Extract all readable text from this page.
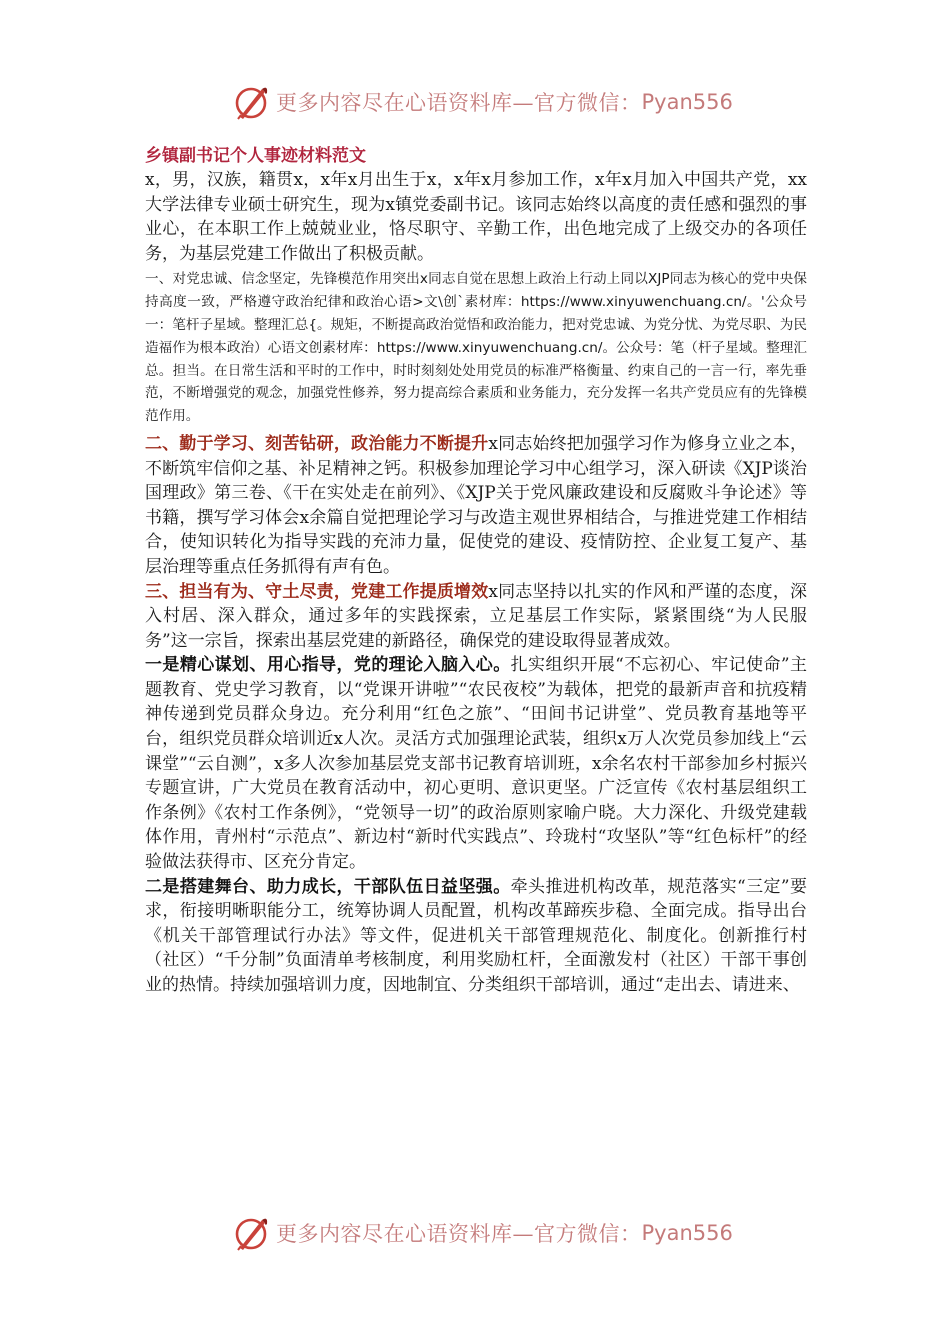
更多内容尽在心语资料库—官方微信： Pyan556

乡镇副书记个人事迹材料范文

x，男，汉族，籍贯x，x年x月出生于x，x年x月参加工作，x年x月加入中国共产党，xx大学法律专业硕士研究生，现为x镇党委副书记。该同志始终以高度的责任感和强烈的事业心，在本职工作上兢兢业业，恪尽职守、辛勤工作，出色地完成了上级交办的各项任务，为基层党建工作做出了积极贡献。

一、对党忠诚、信念坚定，先锋模范作用突出x同志自觉在思想上政治上行动上同以XJP同志为核心的党中央保持高度一致，严格遵守政治纪律和政治心语>文\创`素材库：https://www.xinyuwenchuang.cn/。'公众号一：笔杆子星域。整理汇总{。规矩，不断提高政治觉悟和政治能力，把对党忠诚、为党分忧、为党尽职、为民造福作为根本政治）心语文创素材库：https://www.xinyuwenchuang.cn/。公众号：笔（杆子星域。整理汇总。担当。在日常生活和平时的工作中，时时刻刻处处用党员的标准严格衡量、约束自己的一言一行，率先垂范，不断增强党的观念，加强党性修养，努力提高综合素质和业务能力，充分发挥一名共产党员应有的先锋模范作用。

二、勤于学习、刻苦钻研，政治能力不断提升x同志始终把加强学习作为修身立业之本，不断筑牢信仰之基、补足精神之钙。积极参加理论学习中心组学习，深入研读《XJP谈治国理政》第三卷、《干在实处走在前列》、《XJP关于党风廉政建设和反腐败斗争论述》等书籍，撰写学习体会x余篇自觉把理论学习与改造主观世界相结合，与推进党建工作相结合，使知识转化为指导实践的充沛力量，促使党的建设、疫情防控、企业复工复产、基层治理等重点任务抓得有声有色。

三、担当有为、守土尽责，党建工作提质增效x同志坚持以扎实的作风和严谨的态度，深入村居、深入群众，通过多年的实践探索，立足基层工作实际，紧紧围绕“为人民服务”这一宗旨，探索出基层党建的新路径，确保党的建设取得显著成效。

一是精心谋划、用心指导，党的理论入脑入心。扎实组织开展“不忘初心、牢记使命”主题教育、党史学习教育，以“党课开讲啦”“农民夜校”为载体，把党的最新声音和抗疫精神传递到党员群众身边。充分利用“红色之旅”、“田间书记讲堂”、党员教育基地等平台，组织党员群众培训近x人次。灵活方式加强理论武装，组织x万人次党员参加线上“云课堂”“云自测”，x多人次参加基层党支部书记教育培训班，x余名农村干部参加乡村振兴专题宣讲，广大党员在教育活动中，初心更明、意识更坚。广泛宣传《农村基层组织工作条例》《农村工作条例》，“党领导一切”的政治原则家喻户晓。大力深化、升级党建载体作用，青州村“示范点”、新边村“新时代实践点”、玲珑村“攻坚队”等“红色标杆”的经验做法获得市、区充分肯定。

二是搭建舞台、助力成长，干部队伍日益坚强。牵头推进机构改革，规范落实“三定”要求，衔接明晰职能分工，统筹协调人员配置，机构改革蹄疾步稳、全面完成。指导出台《机关干部管理试行办法》等文件，促进机关干部管理规范化、制度化。创新推行村（社区）“千分制”负面清单考核制度，利用奖励杠杆，全面激发村（社区）干部干事创业的热情。持续加强培训力度，因地制宜、分类组织干部培训，通过“走出去、请进来、

更多内容尽在心语资料库—官方微信： Pyan556
